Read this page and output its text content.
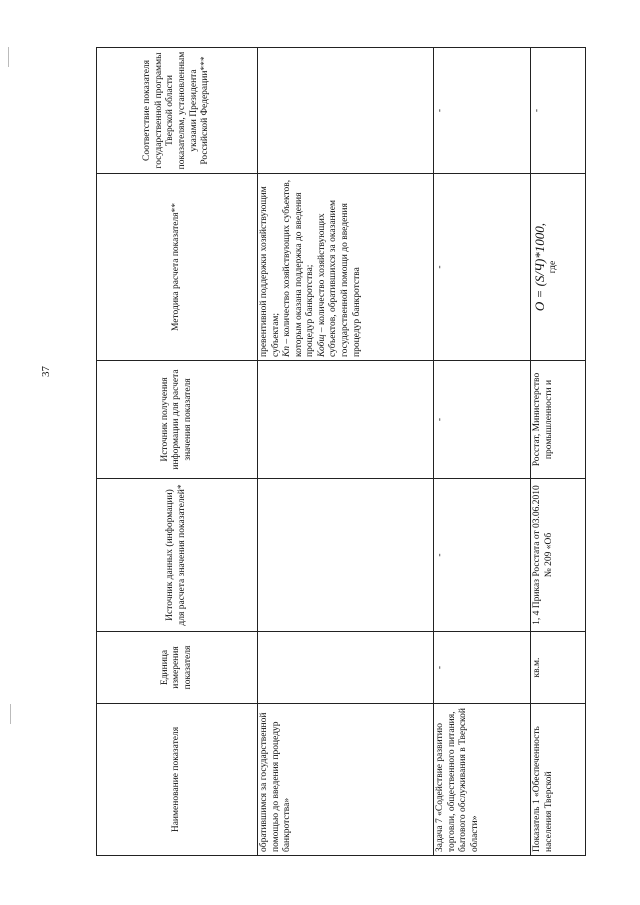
37
Наименование показателя	Единица измерения показателя	Источник данных (информации) для расчета значения показателей*	Источник получения информации для расчета значения показателя	Методика расчета показателя**	Соответствие показателя государственной программы Тверской области показателям, установленным указами Президента Российской Федерации***
обратившимся за государственной помощью до введения процедур банкротства»				превентивной поддержки хозяйствующим субъектам; Кп – количество хозяйствующих субъектов, которым оказана поддержка до введения процедур банкротства; Кобщ – количество хозяйствующих субъектов, обратившихся за оказанием государственной помощи до введения процедур банкротства	
Задача 7 «Содействие развитию торговли, общественного питания, бытового обслуживания в Тверской области»	-	-	-	-	-
Показатель 1 «Обеспеченность населения Тверской	кв.м.	1, 4 Приказ Росстата от 03.06.2010 № 209 «Об	Росстат, Министерство промышленности и	О = (S/Ч)*1000, где	-
